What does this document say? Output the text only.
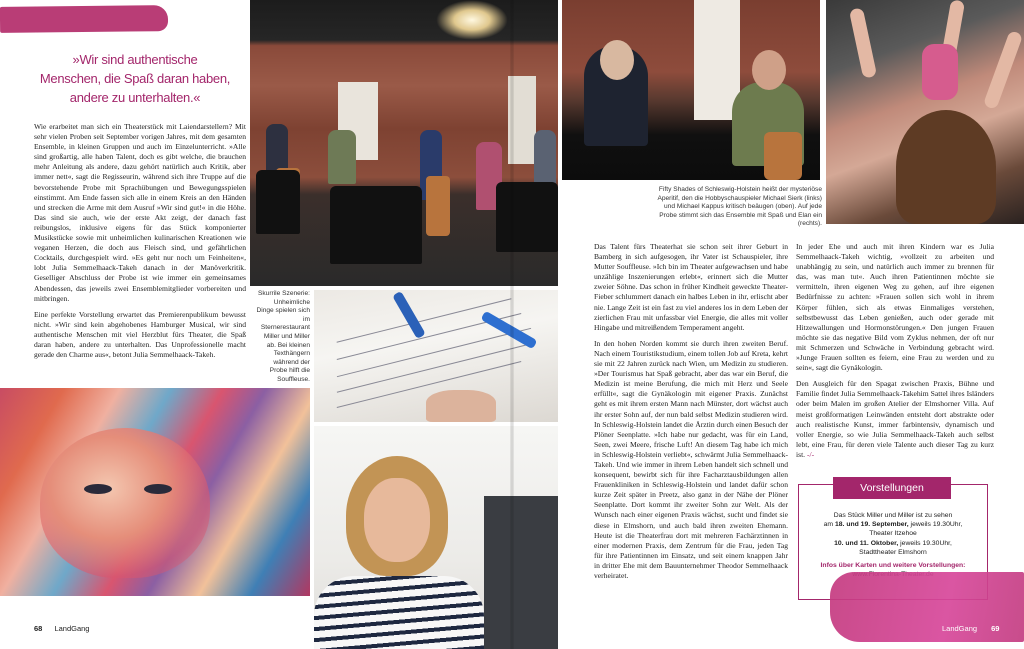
»Wir sind authentische
Menschen, die Spaß daran haben,
andere zu unterhalten.«

Wie erarbeitet man sich ein Theaterstück mit Laiendarstellern? Mit sehr vielen Proben seit September vorigen Jahres, mit dem gesamten Ensemble, in kleinen Gruppen und auch im Einzelunterricht. »Alle sind großartig, alle haben Talent, doch es gibt welche, die brauchen mehr Anleitung als andere, dazu gehört natürlich auch Kritik, aber immer nett«, sagt die Regisseurin, während sich ihre Truppe auf die bevorstehende Probe mit Sprachübungen und Bewegungsspielen einstimmt. Am Ende fassen sich alle in einem Kreis an den Händen und strecken die Arme mit dem Ausruf »Wir sind gut!« in die Höhe. Das sind sie auch, wie der erste Akt zeigt, der danach fast reibungslos, inklusive eigens für das Stück komponierter Musikstücke sowie mit unheimlichen kulinarischen Kreationen wie veganen Herzen, die doch aus Fleisch sind, und gefährlichen Cocktails, durchgespielt wird. »Es geht nur noch um Feinheiten«, lobt Julia Semmelhaack-Takeh danach in der Manöverkritik. Geselliger Abschluss der Probe ist wie immer ein gemeinsames Abendessen, das jeweils zwei Ensemblemitglieder vorbereiten und mitbringen.

Eine perfekte Vorstellung erwartet das Premierenpublikum bewusst nicht. »Wir sind kein abgehobenes Hamburger Musical, wir sind authentische Menschen mit viel Herzblut fürs Theater, die Spaß daran haben, andere zu unterhalten. Das Unprofessionelle macht gerade den Charme aus«, betont Julia Semmelhaack-Takeh.

Skurrile Szenerie: Unheimliche Dinge spielen sich im Sternerestaurant Miller und Miller ab. Bei kleinen Texthängern während der Probe hilft die Souffleuse.
68 LandGang
Fifty Shades of Schleswig-Holstein heißt der mysteriöse Aperitif, den die Hobbyschauspieler Michael Sierk (links) und Michael Kappus kritisch beäugen (oben). Auf jede Probe stimmt sich das Ensemble mit Spaß und Elan ein (rechts).

Das Talent fürs Theaterhat sie schon seit ihrer Geburt in Bamberg in sich aufgesogen, ihr Vater ist Schauspieler, ihre Mutter Souffleuse. »Ich bin im Theater aufgewachsen und habe unzählige Inszenierungen erlebt«, erinnert sich die Mutter zweier Söhne. Das schon in früher Kindheit geweckte Theater-Fieber schlummert danach ein halbes Leben in ihr, erlischt aber nie. Lange Zeit ist ein fast zu viel anderes los in dem Leben der zierlichen Frau mit unfassbar viel Energie, die alles mit voller Hingabe und mitreißendem Temperament angeht.

In den hohen Norden kommt sie durch ihren zweiten Beruf. Nach einem Touristikstudium, einem tollen Job auf Kreta, kehrt sie mit 22 Jahren zurück nach Wien, um Medizin zu studieren. »Der Tourismus hat Spaß gebracht, aber das war ein Beruf, die Medizin ist meine Berufung, die mich mit Herz und Seele erfüllt«, sagt die Gynäkologin mit eigener Praxis. Zunächst geht es mit ihrem ersten Mann nach Münster, dort wächst auch ihr erster Sohn auf, der nun bald selbst Medizin studieren wird. In Schleswig-Holstein landet die Ärztin durch einen Besuch der Plöner Seenplatte. »Ich habe nur gedacht, was für ein Land, Seen, zwei Meere, frische Luft! An diesem Tag habe ich mich in Schleswig-Holstein verliebt«, schwärmt Julia Semmelhaack-Takeh. Und wie immer in ihrem Leben handelt sich schnell und konsequent, bewirbt sich für ihre Facharztausbildungen allen Frauenkliniken in Schleswig-Holstein und landet dafür schon kurze Zeit später in Preetz, also ganz in der Nähe der Plöner Seenplatte. Dort kommt ihr zweiter Sohn zur Welt. Als der Wunsch nach einer eigenen Praxis wächst, sucht und findet sie diese in Elmshorn, und auch bald ihren zweiten Ehemann. Heute ist die Theaterfrau dort mit mehreren Fachärztinnen in einer modernen Praxis, dem Zentrum für die Frau, jeden Tag für ihre Patientinnen im Einsatz, und seit einem knappen Jahr in dritter Ehe mit dem Bauunternehmer Theodor Semmelhaack verheiratet.

In jeder Ehe und auch mit ihren Kindern war es Julia Semmelhaack-Takeh wichtig, »vollzeit zu arbeiten und unabhängig zu sein, und natürlich auch immer zu brennen für das, was man tut«. Auch ihren Patientinnen möchte sie vermitteln, ihren eigenen Weg zu gehen, auf ihre eigenen Bedürfnisse zu achten: »Frauen sollen sich wohl in ihrem Körper fühlen, sich als etwas Einmaliges verstehen, selbstbewusst das Leben genießen, auch oder gerade mit Hitzewallungen und Hormonstörungen.« Den jungen Frauen möchte sie das negative Bild vom Zyklus nehmen, der oft nur mit Schmerzen und Schwäche in Verbindung gebracht wird. »Junge Frauen sollten es feiern, eine Frau zu werden und zu sein«, sagt die Gynäkologin.

Den Ausgleich für den Spagat zwischen Praxis, Bühne und Familie findet Julia Semmelhaack-Takehim Sattel ihres Isländers oder beim Malen im großen Atelier der Elmshorner Villa. Auf meist großformatigen Leinwänden entsteht dort abstrakte oder auch realistische Kunst, immer farbintensiv, dynamisch und voller Energie, so wie Julia Semmelhaack-Takeh auch selbst lebt, eine Frau, für deren viele Talente auch dieser Tag zu kurz ist. -/-

Vorstellungen
Das Stück Miller und Miller ist zu sehen
am 18. und 19. September, jeweils 19.30Uhr,
Theater Itzehoe
10. und 11. Oktober, jeweils 19.30Uhr,
Stadttheater Elmshorn
Infos über Karten und weitere Vorstellungen:
LandGang 69
